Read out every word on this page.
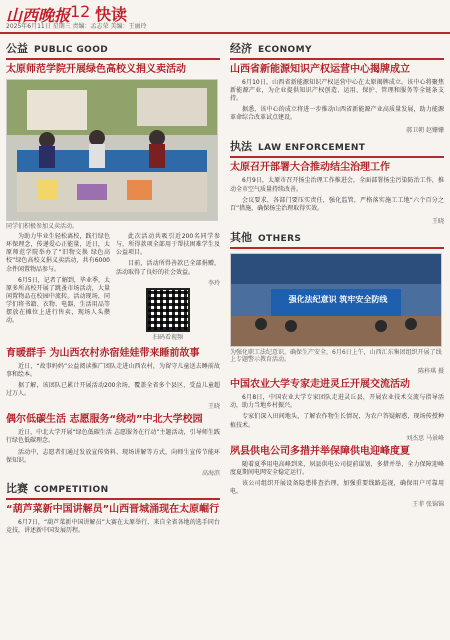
山西晚报 12 快读
2025年6月11日 星期三 责编：孟志荣 美编：王丽玲
公益 PUBLIC GOOD
太原师范学院开展绿色高校义捐义卖活动
同学们积极参加义卖活动。

为助力毕业生轻松离校，践行绿色环保理念，传递爱心正能量，近日，太原师范学院举办了“旧物交换 绿色高校”绿色高校义捐义卖活动，共有6000余件闲置物品参与。

6月5日，记者了解到，毕业季，太原多所高校开展了跳蚤市场活动，大量闲置物品在校园中流转。活动现场，同学们将书籍、衣物、电器、生活用品等摆放在摊位上进行售卖，现场人头攒动。

此次活动共吸引近200名同学参与，所得款项全部用于帮扶困难学生及公益项目。

目前，活动所得善款已全部捐赠，活动取得了良好的社会效益。

李玲
扫码看视频
育暖群手 为山西农村赤宿娃娃带来睡前故事

近日，“故事妈妈”公益阅读推广团队走进山西农村，为留守儿童送去睡前故事和绘本。

据了解，该团队已累计开展活动200余场，覆盖全省多个县区，受益儿童超过万人。

王晓
偶尔低碳生活 志愿服务“绕动”中北大学校园

近日，中北大学开展“绿色低碳生活 志愿服务在行动”主题活动，引导师生践行绿色低碳理念。

活动中，志愿者们通过发放宣传资料、现场讲解等方式，向师生宣传节能环保知识。

高海滨
比赛 COMPETITION
“葫芦菜新中国讲解员”山西晋城涌现在太原崛行

6月7日，“葫芦菜新中国讲解员”大赛在太原举行，来自全省各地的选手同台竞技，讲述新中国发展历程。

经济 ECONOMY
山西省新能源知识产权运营中心揭牌成立

6月10日，山西省新能源知识产权运营中心在太原揭牌成立。该中心将聚焦新能源产业，为企业提供知识产权创造、运用、保护、管理和服务等全链条支持。

据悉，该中心的成立将进一步推动山西省新能源产业高质量发展，助力能源革命综合改革试点建设。

郝卫朝 赵姗姗
执法 LAW ENFORCEMENT
太原召开部署大合推动结尘治理工作

6月9日，太原市召开扬尘治理工作推进会，全面部署扬尘污染防治工作，推动全市空气质量持续改善。

会议要求，各部门要压实责任，强化监管，严格落实施工工地“六个百分之百”措施，确保扬尘治理取得实效。

王晓
其他 OTHERS
强化法纪意识 筑牢安全防线
为强化职工法纪意识，确保生产安全，6月6日上午，山西汇东集团组织开展了线上专题警示教育活动。
陈梓琪 摄
中国农业大学专家走进灵丘开展交流活动

6月8日，中国农业大学专家团队走进灵丘县，开展农业技术交流与指导活动，助力当地乡村振兴。

专家们深入田间地头，了解农作物生长情况，为农户答疑解惑，现场传授种植技术。

刘杰思 马景峰
夙县供电公司多措并举保障供电迎峰度夏

随着夏季用电高峰到来，夙县供电公司提前谋划，多措并举，全力保障迎峰度夏期间电网安全稳定运行。

该公司组织开展设备隐患排查治理，加强重要线路巡视，确保用户可靠用电。

王菲 张锦锦
